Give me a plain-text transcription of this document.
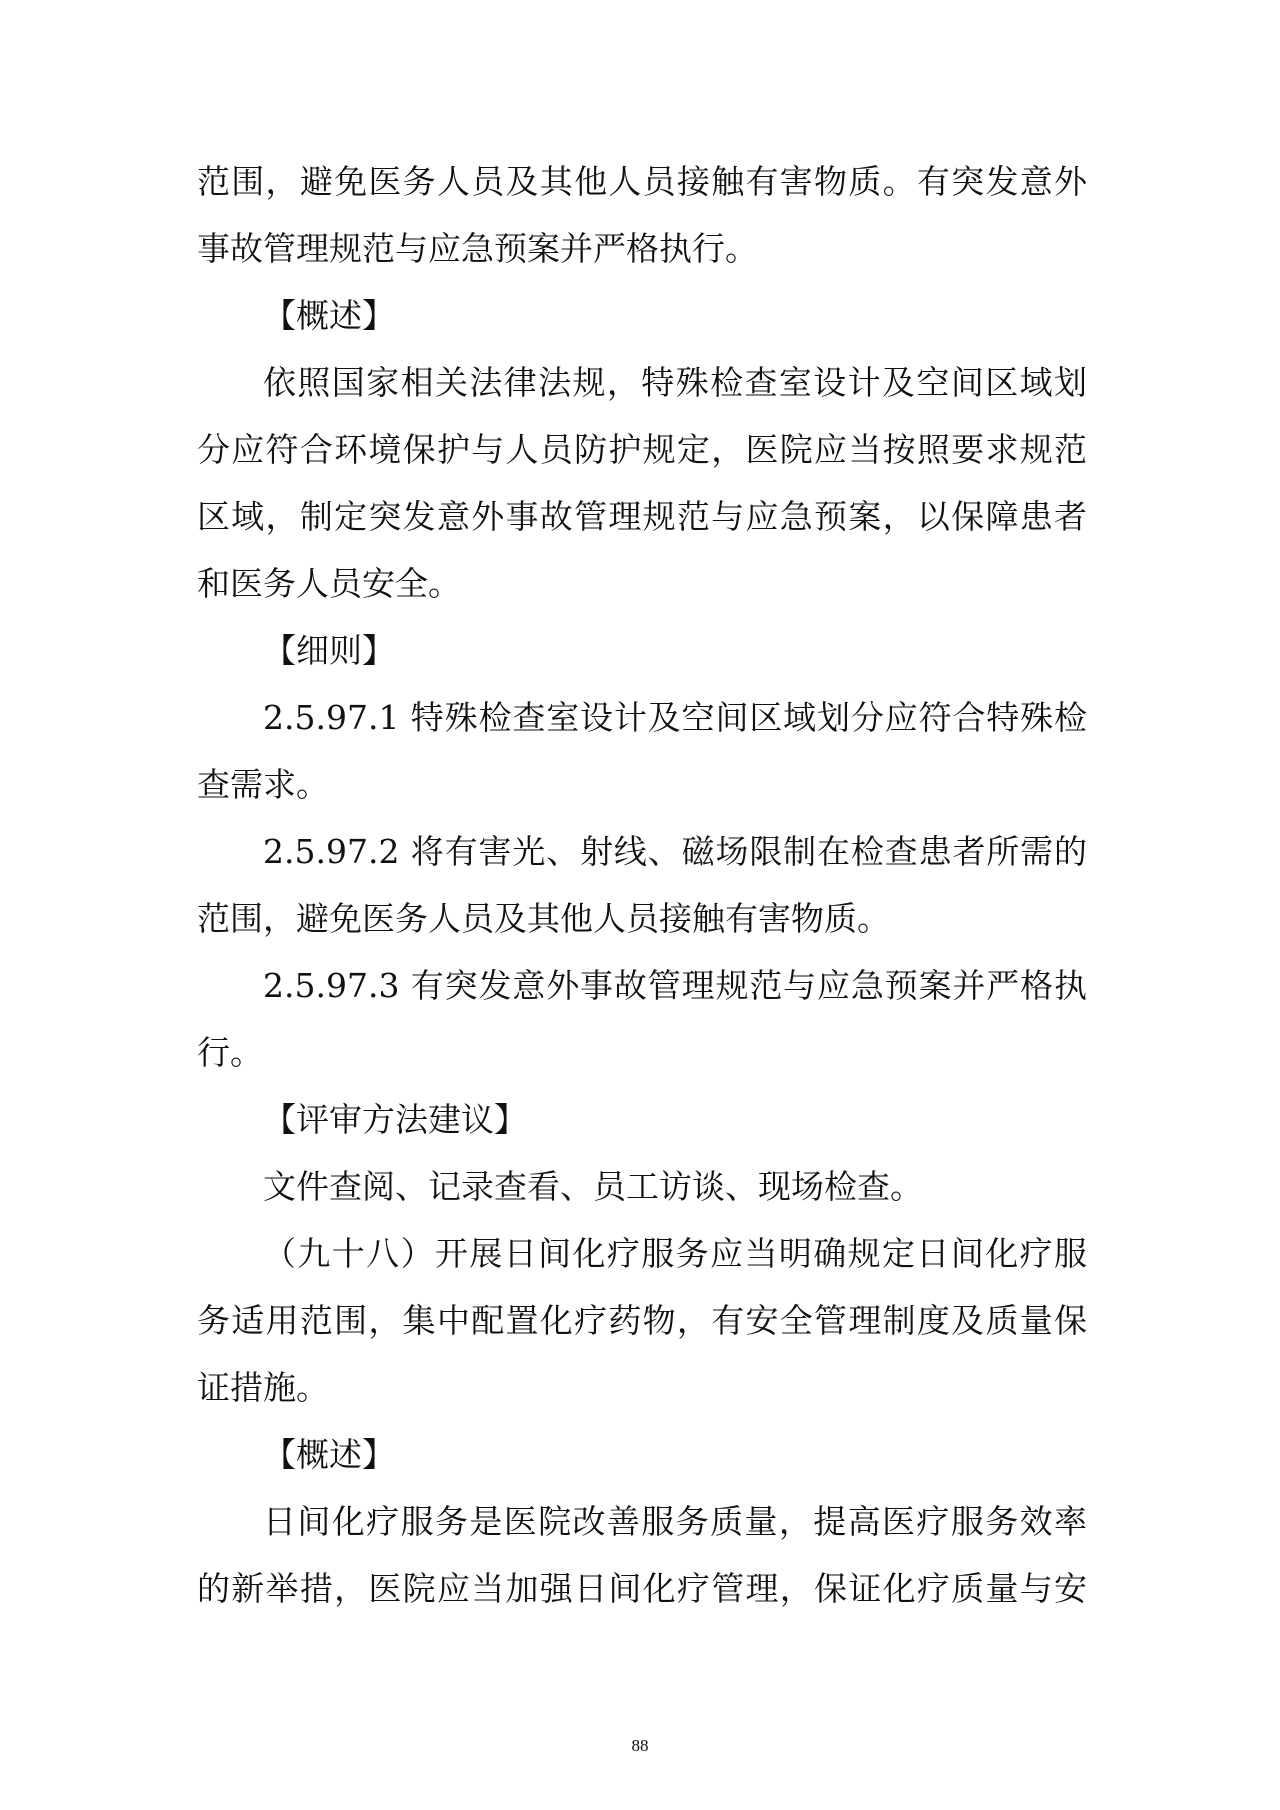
范围，避免医务人员及其他人员接触有害物质。有突发意外
事故管理规范与应急预案并严格执行。
【概述】
依照国家相关法律法规，特殊检查室设计及空间区域划
分应符合环境保护与人员防护规定，医院应当按照要求规范
区域，制定突发意外事故管理规范与应急预案，以保障患者
和医务人员安全。
【细则】
2.5.97.1 特殊检查室设计及空间区域划分应符合特殊检
查需求。
2.5.97.2 将有害光、射线、磁场限制在检查患者所需的
范围，避免医务人员及其他人员接触有害物质。
2.5.97.3 有突发意外事故管理规范与应急预案并严格执
行。
【评审方法建议】
文件查阅、记录查看、员工访谈、现场检查。
（九十八）开展日间化疗服务应当明确规定日间化疗服
务适用范围，集中配置化疗药物，有安全管理制度及质量保
证措施。
【概述】
日间化疗服务是医院改善服务质量，提高医疗服务效率
的新举措，医院应当加强日间化疗管理，保证化疗质量与安
88
